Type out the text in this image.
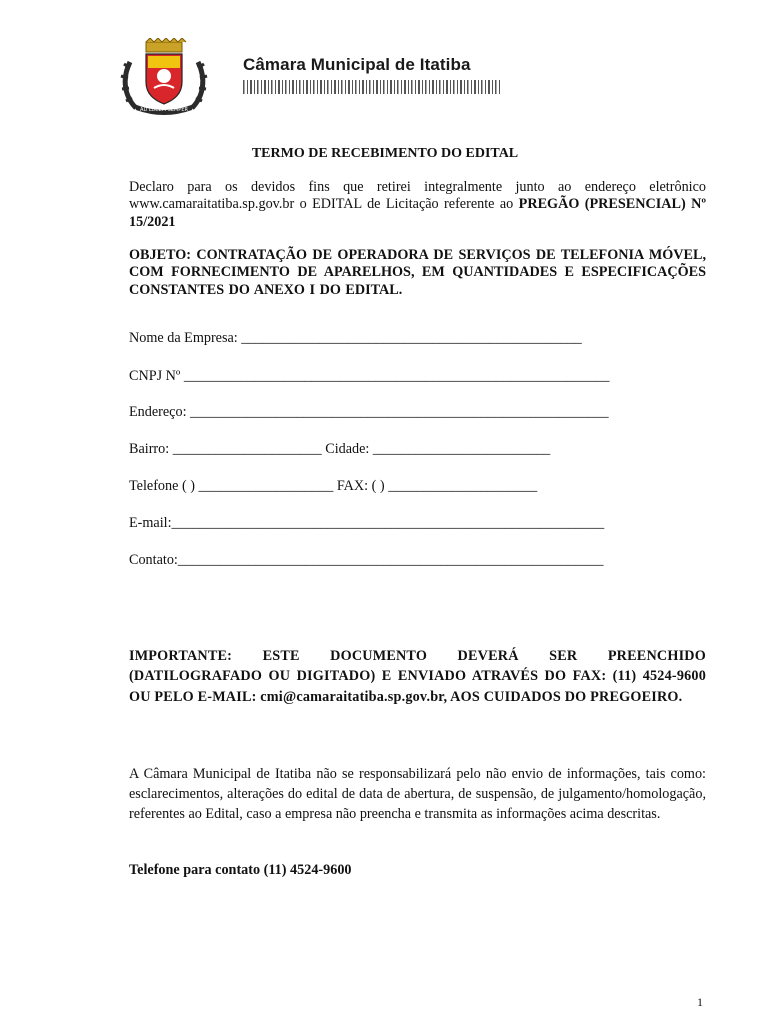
AD LUCEM SEMPER
Câmara Municipal de Itatiba
TERMO DE RECEBIMENTO DO EDITAL
Declaro para os devidos fins que retirei integralmente junto ao endereço eletrônico www.camaraitatiba.sp.gov.br o EDITAL de Licitação referente ao PREGÃO (PRESENCIAL) Nº 15/2021
OBJETO: CONTRATAÇÃO DE OPERADORA DE SERVIÇOS DE TELEFONIA MÓVEL, COM FORNECIMENTO DE APARELHOS, EM QUANTIDADES E ESPECIFICAÇÕES CONSTANTES DO ANEXO I DO EDITAL.
Nome da Empresa: ________________________________________________
CNPJ Nº ____________________________________________________________
Endereço: ___________________________________________________________
Bairro: _____________________ Cidade: _________________________
Telefone ( ) ___________________ FAX: ( ) _____________________
E-mail:_____________________________________________________________
Contato:____________________________________________________________
IMPORTANTE: ESTE DOCUMENTO DEVERÁ SER PREENCHIDO (DATILOGRAFADO OU DIGITADO) E ENVIADO ATRAVÉS DO FAX: (11) 4524-9600 OU PELO E-MAIL: cmi@camaraitatiba.sp.gov.br, AOS CUIDADOS DO PREGOEIRO.
A Câmara Municipal de Itatiba não se responsabilizará pelo não envio de informações, tais como: esclarecimentos, alterações do edital de data de abertura, de suspensão, de julgamento/homologação, referentes ao Edital, caso a empresa não preencha e transmita as informações acima descritas.
Telefone para contato (11) 4524-9600
1
